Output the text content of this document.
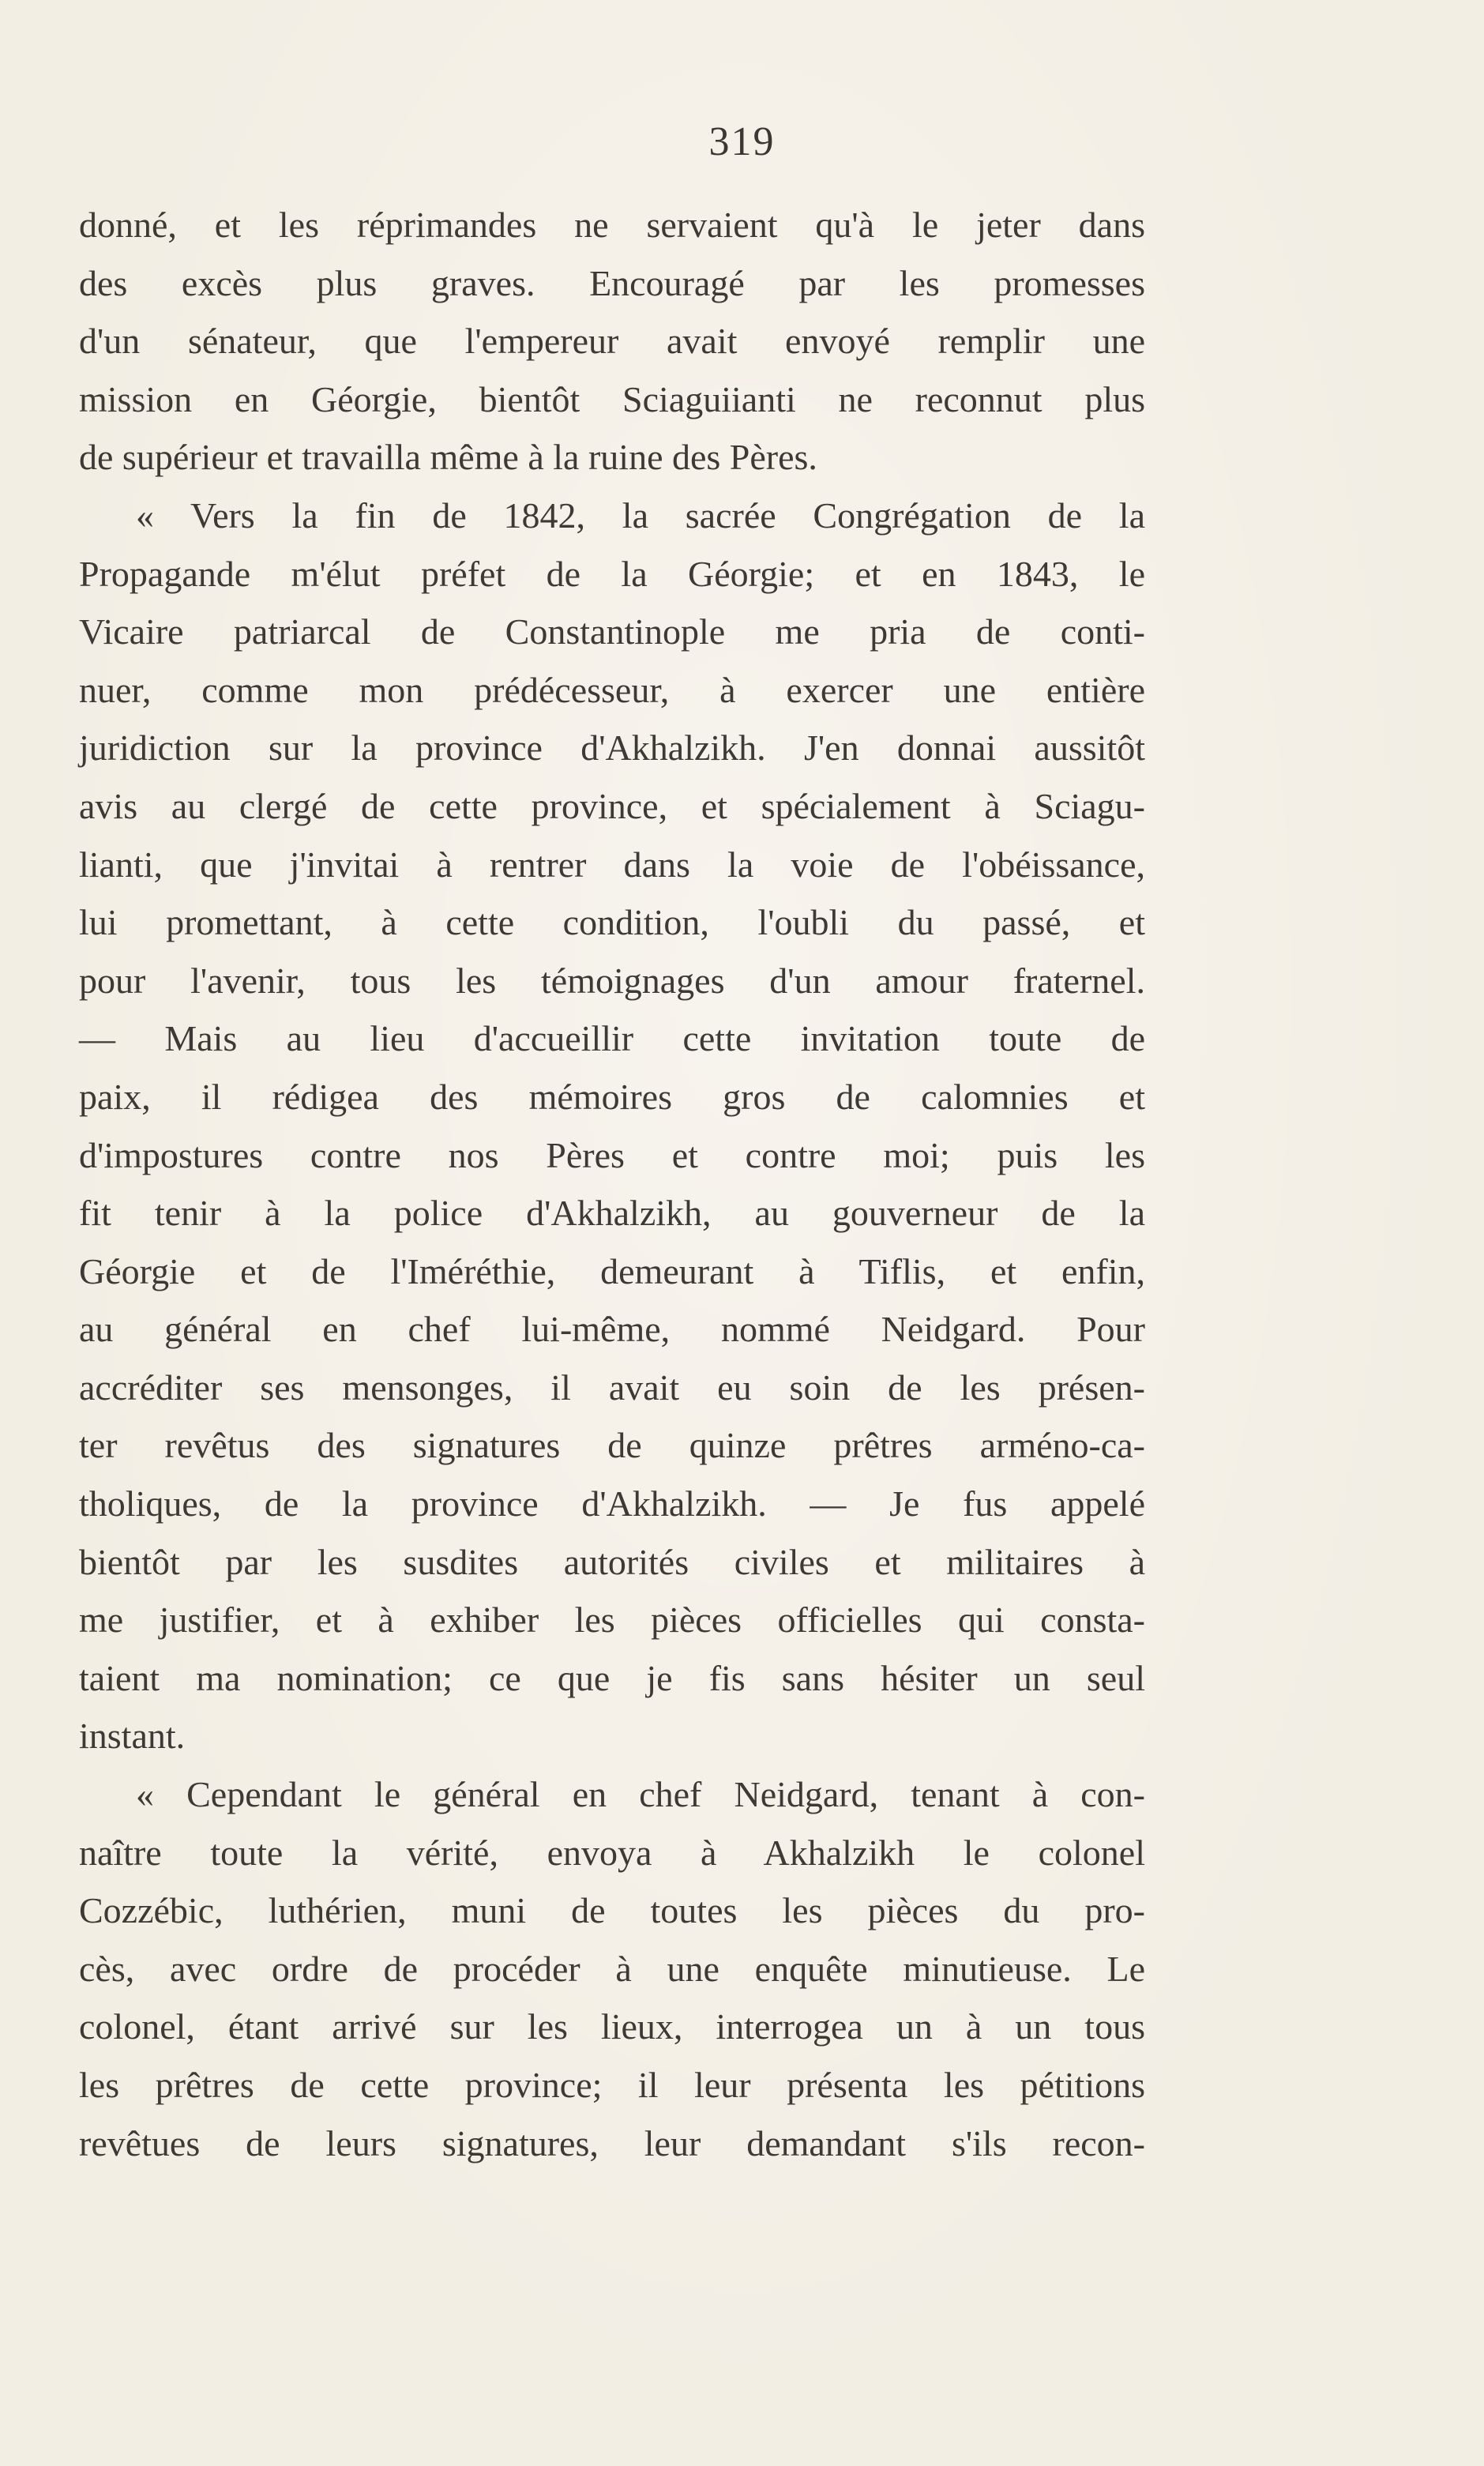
319
donné, et les réprimandes ne servaient qu'à le jeter dans
des excès plus graves. Encouragé par les promesses
d'un sénateur, que l'empereur avait envoyé remplir une
mission en Géorgie, bientôt Sciaguiianti ne reconnut plus
de supérieur et travailla même à la ruine des Pères.
« Vers la fin de 1842, la sacrée Congrégation de la
Propagande m'élut préfet de la Géorgie; et en 1843, le
Vicaire patriarcal de Constantinople me pria de conti-
nuer, comme mon prédécesseur, à exercer une entière
juridiction sur la province d'Akhalzikh. J'en donnai aussitôt
avis au clergé de cette province, et spécialement à Sciagu-
lianti, que j'invitai à rentrer dans la voie de l'obéissance,
lui promettant, à cette condition, l'oubli du passé, et
pour l'avenir, tous les témoignages d'un amour fraternel.
— Mais au lieu d'accueillir cette invitation toute de
paix, il rédigea des mémoires gros de calomnies et
d'impostures contre nos Pères et contre moi; puis les
fit tenir à la police d'Akhalzikh, au gouverneur de la
Géorgie et de l'Iméréthie, demeurant à Tiflis, et enfin,
au général en chef lui-même, nommé Neidgard. Pour
accréditer ses mensonges, il avait eu soin de les présen-
ter revêtus des signatures de quinze prêtres arméno-ca-
tholiques, de la province d'Akhalzikh. — Je fus appelé
bientôt par les susdites autorités civiles et militaires à
me justifier, et à exhiber les pièces officielles qui consta-
taient ma nomination; ce que je fis sans hésiter un seul
instant.
« Cependant le général en chef Neidgard, tenant à con-
naître toute la vérité, envoya à Akhalzikh le colonel
Cozzébic, luthérien, muni de toutes les pièces du pro-
cès, avec ordre de procéder à une enquête minutieuse. Le
colonel, étant arrivé sur les lieux, interrogea un à un tous
les prêtres de cette province; il leur présenta les pétitions
revêtues de leurs signatures, leur demandant s'ils recon-
